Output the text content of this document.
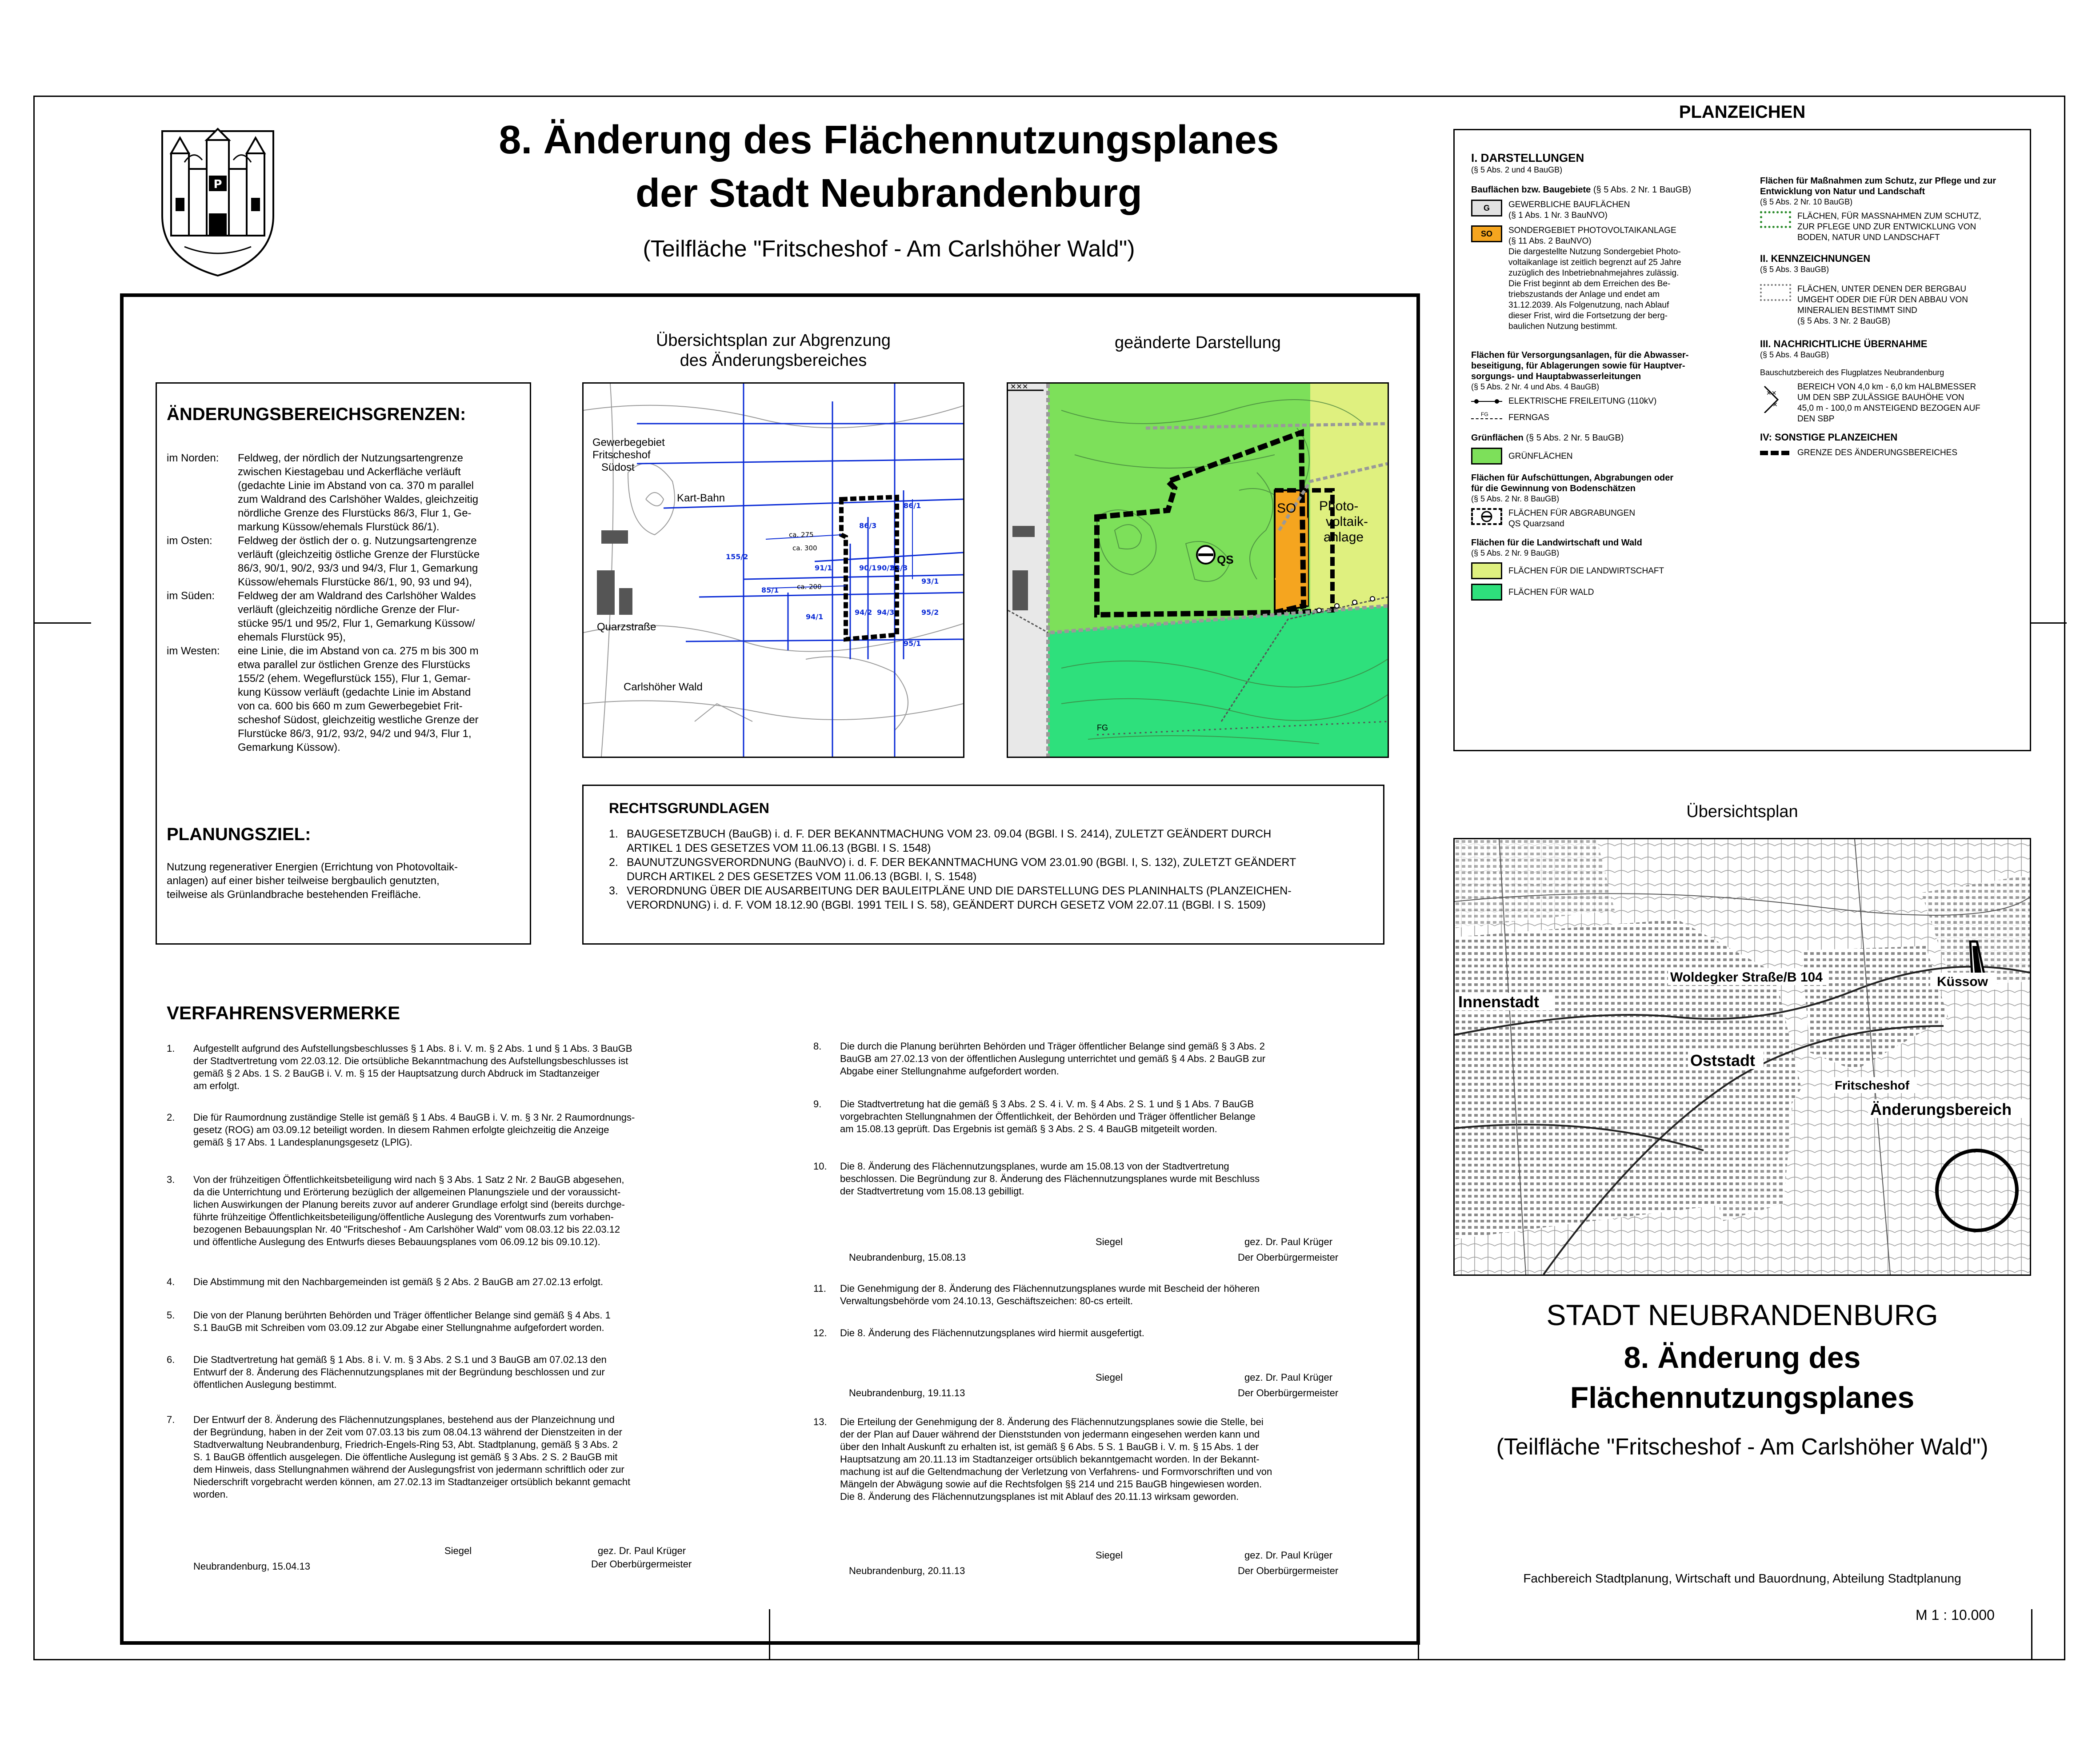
P
8. Änderung des Flächennutzungsplanes
der Stadt Neubrandenburg
(Teilfläche "Fritscheshof - Am Carlshöher Wald")
Übersichtsplan zur Abgrenzung
des Änderungsbereiches
geänderte Darstellung
ca. 275
ca. 300
ca. 200
86/3
91/1	90/1 90/2
93/3
94/2 94/3
95/1
95/2
155/2
93/1
94/1
86/1
85/1
Gewerbegebiet
Fritscheshof
Südost
Kart-Bahn
Quarzstraße
Carlshöher Wald
QS
SO Photo-
voltaik-
anlage
FG
✕✕✕
ÄNDERUNGSBEREICHSGRENZEN:
im Norden:	Feldweg, der nördlich der Nutzungsartengrenze
zwischen Kiestagebau und Ackerfläche verläuft
(gedachte Linie im Abstand von ca. 370 m parallel
zum Waldrand des Carlshöher Waldes, gleichzeitig
nördliche Grenze des Flurstücks 86/3, Flur 1, Ge-
markung Küssow/ehemals Flurstück 86/1).
im Osten:	Feldweg der östlich der o. g. Nutzungsartengrenze
verläuft (gleichzeitig östliche Grenze der Flurstücke
86/3, 90/1, 90/2, 93/3 und 94/3, Flur 1, Gemarkung
Küssow/ehemals Flurstücke 86/1, 90, 93 und 94),
im Süden:	Feldweg der am Waldrand des Carlshöher Waldes
verläuft (gleichzeitig nördliche Grenze der Flur-
stücke 95/1 und 95/2, Flur 1, Gemarkung Küssow/
ehemals Flurstück 95),
im Westen:	eine Linie, die im Abstand von ca. 275 m bis 300 m
etwa parallel zur östlichen Grenze des Flurstücks
155/2 (ehem. Wegeflurstück 155), Flur 1, Gemar-
kung Küssow verläuft (gedachte Linie im Abstand
von ca. 600 bis 660 m zum Gewerbegebiet Frit-
scheshof Südost, gleichzeitig westliche Grenze der
Flurstücke 86/3, 91/2, 93/2, 94/2 und 94/3, Flur 1,
Gemarkung Küssow).
PLANUNGSZIEL:
Nutzung regenerativer Energien (Errichtung von Photovoltaik-
anlagen) auf einer bisher teilweise bergbaulich genutzten,
teilweise als Grünlandbrache bestehenden Freifläche.
RECHTSGRUNDLAGEN
1. BAUGESETZBUCH (BauGB) i. d. F. DER BEKANNTMACHUNG VOM 23. 09.04 (BGBl. I S. 2414), ZULETZT GEÄNDERT DURCH
ARTIKEL 1 DES GESETZES VOM 11.06.13 (BGBl. I S. 1548)
2. BAUNUTZUNGSVERORDNUNG (BauNVO) i. d. F. DER BEKANNTMACHUNG VOM 23.01.90 (BGBl. I, S. 132), ZULETZT GEÄNDERT
DURCH ARTIKEL 2 DES GESETZES VOM 11.06.13 (BGBl. I, S. 1548)
3. VERORDNUNG ÜBER DIE AUSARBEITUNG DER BAULEITPLÄNE UND DIE DARSTELLUNG DES PLANINHALTS (PLANZEICHEN-
VERORDNUNG) i. d. F. VOM 18.12.90 (BGBl. 1991 TEIL I S. 58), GEÄNDERT DURCH GESETZ VOM 22.07.11 (BGBl. I S. 1509)
VERFAHRENSVERMERKE
1. Aufgestellt aufgrund des Aufstellungsbeschlusses § 1 Abs. 8 i. V. m. § 2 Abs. 1 und § 1 Abs. 3 BauGB
der Stadtvertretung vom 22.03.12. Die ortsübliche Bekanntmachung des Aufstellungsbeschlusses ist
gemäß § 2 Abs. 1 S. 2 BauGB i. V. m. § 15 der Hauptsatzung durch Abdruck im Stadtanzeiger
am erfolgt.
2. Die für Raumordnung zuständige Stelle ist gemäß § 1 Abs. 4 BauGB i. V. m. § 3 Nr. 2 Raumordnungs-
gesetz (ROG) am 03.09.12 beteiligt worden. In diesem Rahmen erfolgte gleichzeitig die Anzeige
gemäß § 17 Abs. 1 Landesplanungsgesetz (LPlG).
3. Von der frühzeitigen Öffentlichkeitsbeteiligung wird nach § 3 Abs. 1 Satz 2 Nr. 2 BauGB abgesehen,
da die Unterrichtung und Erörterung bezüglich der allgemeinen Planungsziele und der voraussicht-
lichen Auswirkungen der Planung bereits zuvor auf anderer Grundlage erfolgt sind (bereits durchge-
führte frühzeitige Öffentlichkeitsbeteiligung/öffentliche Auslegung des Vorentwurfs zum vorhaben-
bezogenen Bebauungsplan Nr. 40 "Fritscheshof - Am Carlshöher Wald" vom 08.03.12 bis 22.03.12
und öffentliche Auslegung des Entwurfs dieses Bebauungsplanes vom 06.09.12 bis 09.10.12).
4. Die Abstimmung mit den Nachbargemeinden ist gemäß § 2 Abs. 2 BauGB am 27.02.13 erfolgt.
5. Die von der Planung berührten Behörden und Träger öffentlicher Belange sind gemäß § 4 Abs. 1
S.1 BauGB mit Schreiben vom 03.09.12 zur Abgabe einer Stellungnahme aufgefordert worden.
6. Die Stadtvertretung hat gemäß § 1 Abs. 8 i. V. m. § 3 Abs. 2 S.1 und 3 BauGB am 07.02.13 den
Entwurf der 8. Änderung des Flächennutzungsplanes mit der Begründung beschlossen und zur
öffentlichen Auslegung bestimmt.
7. Der Entwurf der 8. Änderung des Flächennutzungsplanes, bestehend aus der Planzeichnung und
der Begründung, haben in der Zeit vom 07.03.13 bis zum 08.04.13 während der Dienstzeiten in der
Stadtverwaltung Neubrandenburg, Friedrich-Engels-Ring 53, Abt. Stadtplanung, gemäß § 3 Abs. 2
S. 1 BauGB öffentlich ausgelegen. Die öffentliche Auslegung ist gemäß § 3 Abs. 2 S. 2 BauGB mit
dem Hinweis, dass Stellungnahmen während der Auslegungsfrist von jedermann schriftlich oder zur
Niederschrift vorgebracht werden können, am 27.02.13 im Stadtanzeiger ortsüblich bekannt gemacht
worden.
Siegel	gez. Dr. Paul Krüger
Der Oberbürgermeister
Neubrandenburg, 15.04.13
8. Die durch die Planung berührten Behörden und Träger öffentlicher Belange sind gemäß § 3 Abs. 2
BauGB am 27.02.13 von der öffentlichen Auslegung unterrichtet und gemäß § 4 Abs. 2 BauGB zur
Abgabe einer Stellungnahme aufgefordert worden.
9. Die Stadtvertretung hat die gemäß § 3 Abs. 2 S. 4 i. V. m. § 4 Abs. 2 S. 1 und § 1 Abs. 7 BauGB
vorgebrachten Stellungnahmen der Öffentlichkeit, der Behörden und Träger öffentlicher Belange
am 15.08.13 geprüft. Das Ergebnis ist gemäß § 3 Abs. 2 S. 4 BauGB mitgeteilt worden.
10. Die 8. Änderung des Flächennutzungsplanes, wurde am 15.08.13 von der Stadtvertretung
beschlossen. Die Begründung zur 8. Änderung des Flächennutzungsplanes wurde mit Beschluss
der Stadtvertretung vom 15.08.13 gebilligt.
Siegel	gez. Dr. Paul Krüger
Neubrandenburg, 15.08.13	Der Oberbürgermeister
11. Die Genehmigung der 8. Änderung des Flächennutzungsplanes wurde mit Bescheid der höheren
Verwaltungsbehörde vom 24.10.13, Geschäftszeichen: 80-cs erteilt.
12. Die 8. Änderung des Flächennutzungsplanes wird hiermit ausgefertigt.
Siegel	gez. Dr. Paul Krüger
Neubrandenburg, 19.11.13	Der Oberbürgermeister
13. Die Erteilung der Genehmigung der 8. Änderung des Flächennutzungsplanes sowie die Stelle, bei
der der Plan auf Dauer während der Dienststunden von jedermann eingesehen werden kann und
über den Inhalt Auskunft zu erhalten ist, ist gemäß § 6 Abs. 5 S. 1 BauGB i. V. m. § 15 Abs. 1 der
Hauptsatzung am 20.11.13 im Stadtanzeiger ortsüblich bekanntgemacht worden. In der Bekannt-
machung ist auf die Geltendmachung der Verletzung von Verfahrens- und Formvorschriften und von
Mängeln der Abwägung sowie auf die Rechtsfolgen §§ 214 und 215 BauGB hingewiesen worden.
Die 8. Änderung des Flächennutzungsplanes ist mit Ablauf des 20.11.13 wirksam geworden.
Siegel	gez. Dr. Paul Krüger
Neubrandenburg, 20.11.13	Der Oberbürgermeister
PLANZEICHEN
I. DARSTELLUNGEN
(§ 5 Abs. 2 und 4 BauGB)
Bauflächen bzw. Baugebiete (§ 5 Abs. 2 Nr. 1 BauGB)
G	GEWERBLICHE BAUFLÄCHEN
(§ 1 Abs. 1 Nr. 3 BauNVO)
SO	SONDERGEBIET PHOTOVOLTAIKANLAGE
(§ 11 Abs. 2 BauNVO)
Die dargestellte Nutzung Sondergebiet Photo-
voltaikanlage ist zeitlich begrenzt auf 25 Jahre
zuzüglich des Inbetriebnahmejahres zulässig.
Die Frist beginnt ab dem Erreichen des Be-
triebszustands der Anlage und endet am
31.12.2039. Als Folgenutzung, nach Ablauf
dieser Frist, wird die Fortsetzung der berg-
baulichen Nutzung bestimmt.
Flächen für Versorgungsanlagen, für die Abwasser-
beseitigung, für Ablagerungen sowie für Hauptver-
sorgungs- und Hauptabwasserleitungen
(§ 5 Abs. 2 Nr. 4 und Abs. 4 BauGB)
ELEKTRISCHE FREILEITUNG (110kV)
FG FERNGAS
Grünflächen (§ 5 Abs. 2 Nr. 5 BauGB)
GRÜNFLÄCHEN
Flächen für Aufschüttungen, Abgrabungen oder
für die Gewinnung von Bodenschätzen
(§ 5 Abs. 2 Nr. 8 BauGB)
FLÄCHEN FÜR ABGRABUNGEN
QS Quarzsand
Flächen für die Landwirtschaft und Wald
(§ 5 Abs. 2 Nr. 9 BauGB)
FLÄCHEN FÜR DIE LANDWIRTSCHAFT
FLÄCHEN FÜR WALD
Flächen für Maßnahmen zum Schutz, zur Pflege und zur
Entwicklung von Natur und Landschaft
(§ 5 Abs. 2 Nr. 10 BauGB)
FLÄCHEN, FÜR MASSNAHMEN ZUM SCHUTZ,
ZUR PFLEGE UND ZUR ENTWICKLUNG VON
BODEN, NATUR UND LANDSCHAFT
II. KENNZEICHNUNGEN
(§ 5 Abs. 3 BauGB)
FLÄCHEN, UNTER DENEN DER BERGBAU
UMGEHT ODER DIE FÜR DEN ABBAU VON
MINERALIEN BESTIMMT SIND
(§ 5 Abs. 3 Nr. 2 BauGB)
III. NACHRICHTLICHE ÜBERNAHME
(§ 5 Abs. 4 BauGB)
Bauschutzbereich des Flugplatzes Neubrandenburg
✕✕
✕
BEREICH VON 4,0 km - 6,0 km HALBMESSER
UM DEN SBP ZULÄSSIGE BAUHÖHE VON
45,0 m - 100,0 m ANSTEIGEND BEZOGEN AUF
DEN SBP
IV: SONSTIGE PLANZEICHEN
GRENZE DES ÄNDERUNGSBEREICHES
Übersichtsplan
Woldegker Straße/B 104	Küssow
Innenstadt
Oststadt
Fritscheshof
Änderungsbereich
STADT NEUBRANDENBURG
8. Änderung des
Flächennutzungsplanes
(Teilfläche "Fritscheshof - Am Carlshöher Wald")
Fachbereich Stadtplanung, Wirtschaft und Bauordnung, Abteilung Stadtplanung
M 1 : 10.000
